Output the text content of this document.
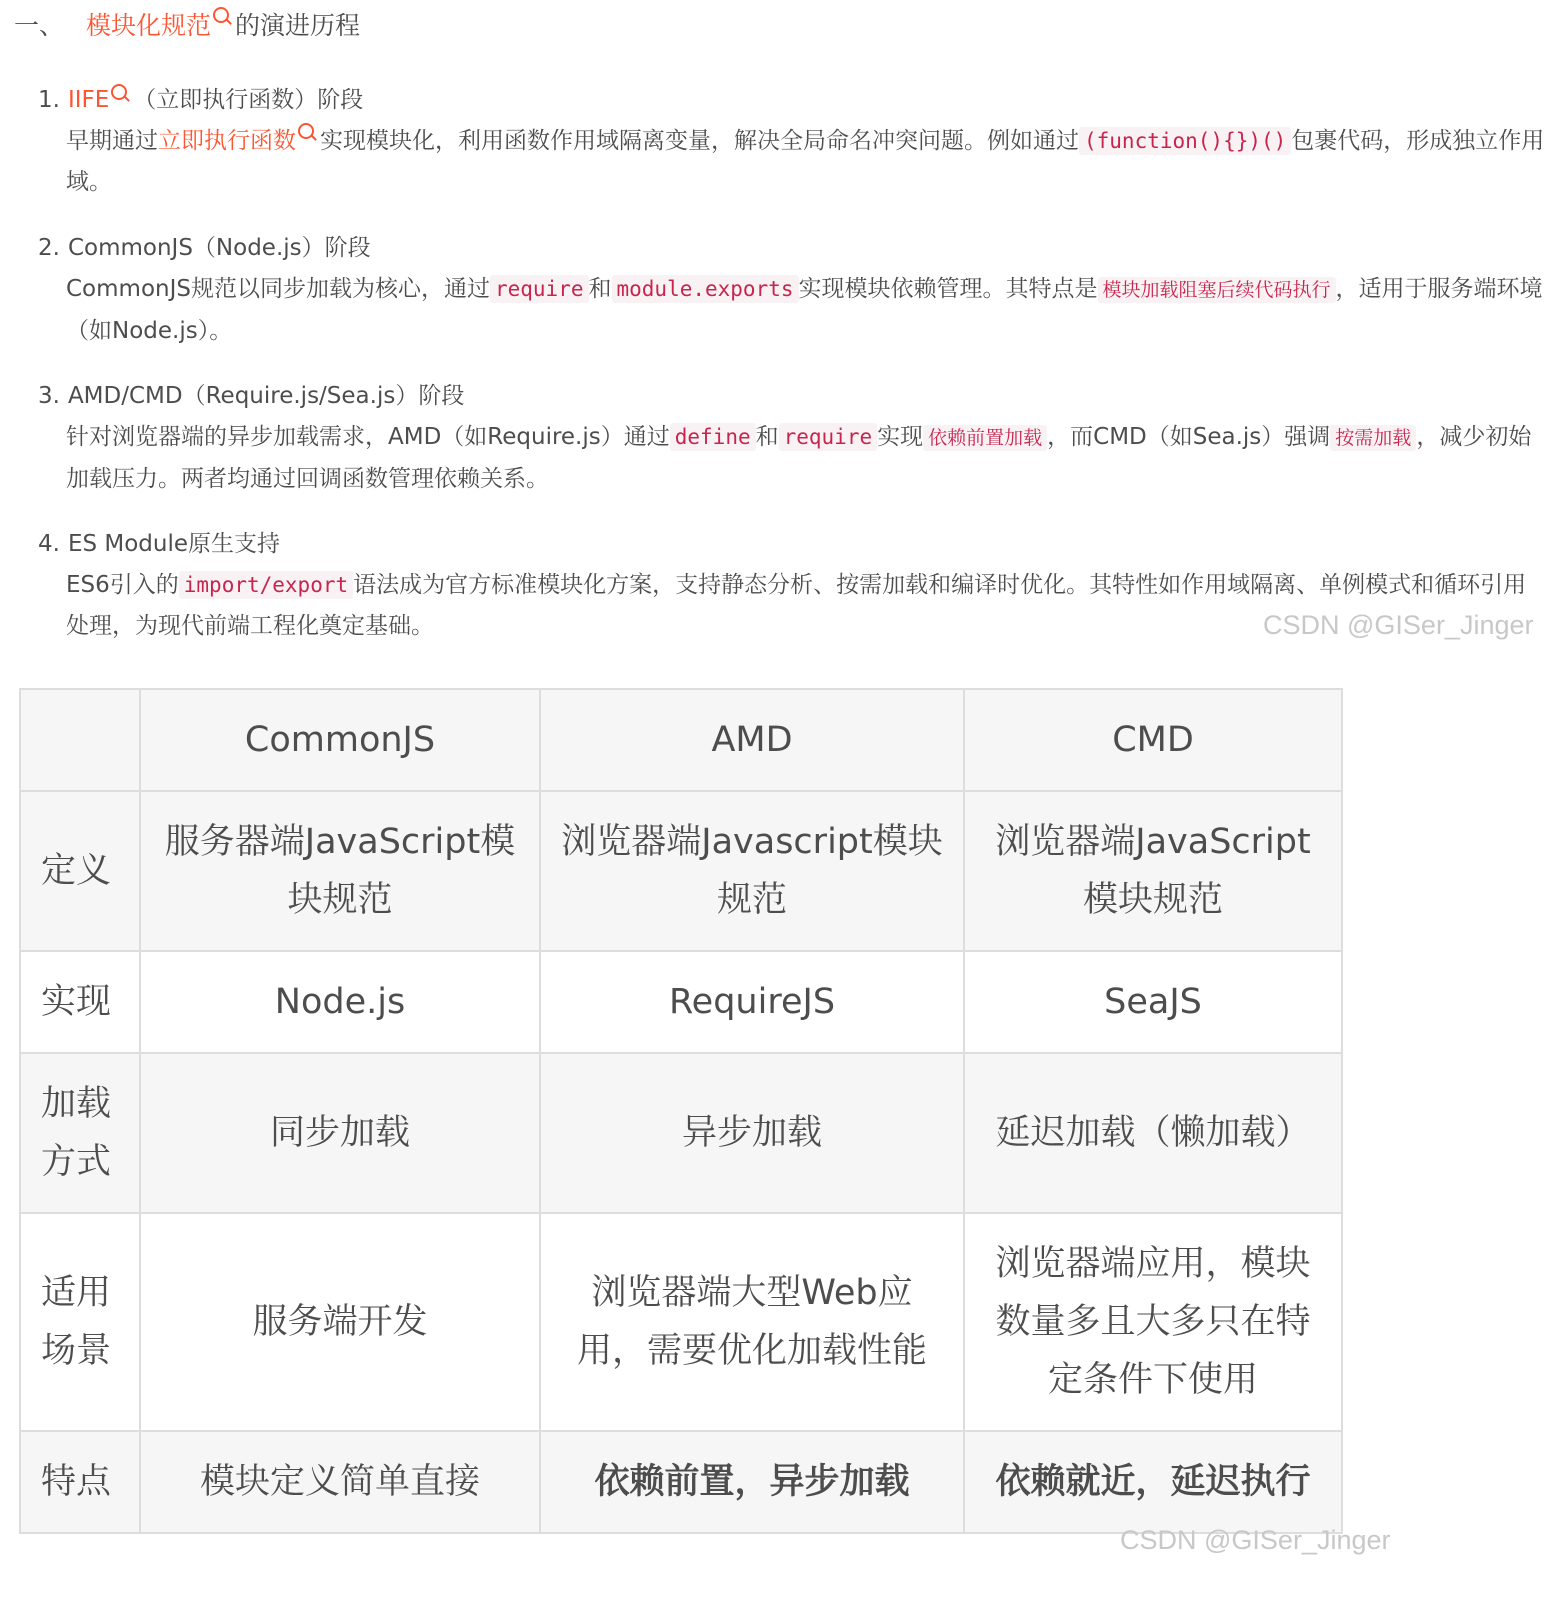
一、 模块化规范 的演进历程
1. IIFE （立即执行函数）阶段
早期通过立即执行函数 实现模块化，利用函数作用域隔离变量，解决全局命名冲突问题。例如通过 (function(){})() 包裹代码，形成独立作用域。
2. CommonJS（Node.js）阶段
CommonJS规范以同步加载为核心，通过 require 和 module.exports 实现模块依赖管理。其特点是 模块加载阻塞后续代码执行 ，适用于服务端环境（如Node.js）。
3. AMD/CMD（Require.js/Sea.js）阶段
针对浏览器端的异步加载需求，AMD（如Require.js）通过 define 和 require 实现 依赖前置加载 ，而CMD（如Sea.js）强调 按需加载 ，减少初始加载压力。两者均通过回调函数管理依赖关系。
4. ES Module原生支持
ES6引入的 import/export 语法成为官方标准模块化方案，支持静态分析、按需加载和编译时优化。其特性如作用域隔离、单例模式和循环引用处理，为现代前端工程化奠定基础。	CSDN @GISer_Jinger
	CommonJS	AMD	CMD
定义	服务器端JavaScript模块规范	浏览器端Javascript模块规范	浏览器端JavaScript模块规范
实现	Node.js	RequireJS	SeaJS
加载方式	同步加载	异步加载	延迟加载（懒加载）
适用场景	服务端开发	浏览器端大型Web应用，需要优化加载性能	浏览器端应用，模块数量多且大多只在特定条件下使用
特点	模块定义简单直接	依赖前置，异步加载	依赖就近，延迟执行
CSDN @GISer_Jinger
